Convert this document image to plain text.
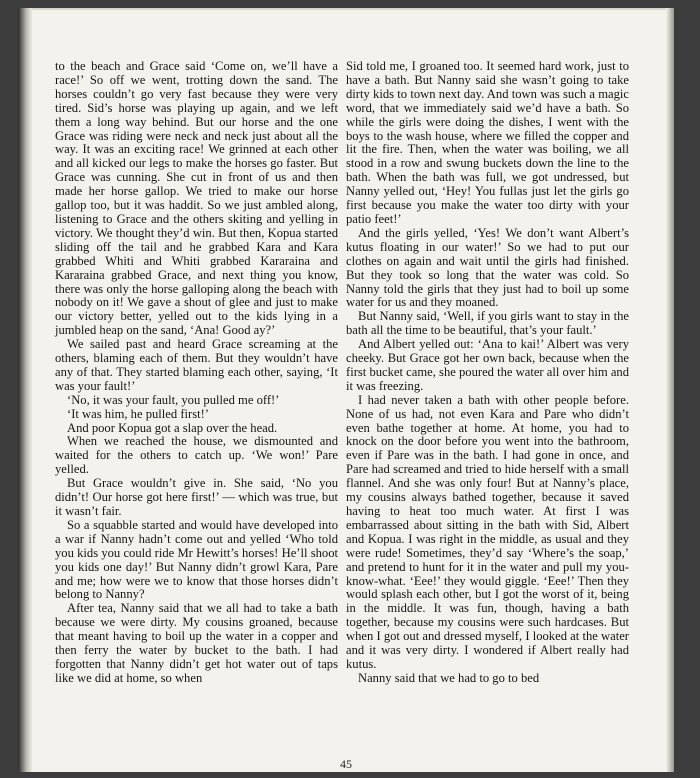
to the beach and Grace said ‘Come on, we’ll have a race!’ So off we went, trotting down the sand. The horses couldn’t go very fast because they were very tired. Sid’s horse was playing up again, and we left them a long way behind. But our horse and the one Grace was riding were neck and neck just about all the way. It was an exciting race! We grinned at each other and all kicked our legs to make the horses go faster. But Grace was cunning. She cut in front of us and then made her horse gallop. We tried to make our horse gallop too, but it was haddit. So we just ambled along, listening to Grace and the others skiting and yelling in victory. We thought they’d win. But then, Kopua started sliding off the tail and he grabbed Kara and Kara grabbed Whiti and Whiti grabbed Kararaina and Kararaina grabbed Grace, and next thing you know, there was only the horse galloping along the beach with nobody on it! We gave a shout of glee and just to make our victory better, yelled out to the kids lying in a jumbled heap on the sand, ‘Ana! Good ay?’

We sailed past and heard Grace screaming at the others, blaming each of them. But they wouldn’t have any of that. They started blaming each other, saying, ‘It was your fault!’

‘No, it was your fault, you pulled me off!’

‘It was him, he pulled first!’

And poor Kopua got a slap over the head.

When we reached the house, we dismounted and waited for the others to catch up. ‘We won!’ Pare yelled.

But Grace wouldn’t give in. She said, ‘No you didn’t! Our horse got here first!’ — which was true, but it wasn’t fair.

So a squabble started and would have developed into a war if Nanny hadn’t come out and yelled ‘Who told you kids you could ride Mr Hewitt’s horses! He’ll shoot you kids one day!’ But Nanny didn’t growl Kara, Pare and me; how were we to know that those horses didn’t belong to Nanny?

After tea, Nanny said that we all had to take a bath because we were dirty. My cousins groaned, because that meant having to boil up the water in a copper and then ferry the water by bucket to the bath. I had forgotten that Nanny didn’t get hot water out of taps like we did at home, so when

Sid told me, I groaned too. It seemed hard work, just to have a bath. But Nanny said she wasn’t going to take dirty kids to town next day. And town was such a magic word, that we immediately said we’d have a bath. So while the girls were doing the dishes, I went with the boys to the wash house, where we filled the copper and lit the fire. Then, when the water was boiling, we all stood in a row and swung buckets down the line to the bath. When the bath was full, we got undressed, but Nanny yelled out, ‘Hey! You fullas just let the girls go first because you make the water too dirty with your patio feet!’

And the girls yelled, ‘Yes! We don’t want Albert’s kutus floating in our water!’ So we had to put our clothes on again and wait until the girls had finished. But they took so long that the water was cold. So Nanny told the girls that they just had to boil up some water for us and they moaned.

But Nanny said, ‘Well, if you girls want to stay in the bath all the time to be beautiful, that’s your fault.’

And Albert yelled out: ‘Ana to kai!’ Albert was very cheeky. But Grace got her own back, because when the first bucket came, she poured the water all over him and it was freezing.

I had never taken a bath with other people before. None of us had, not even Kara and Pare who didn’t even bathe together at home. At home, you had to knock on the door before you went into the bathroom, even if Pare was in the bath. I had gone in once, and Pare had screamed and tried to hide herself with a small flannel. And she was only four! But at Nanny’s place, my cousins always bathed together, because it saved having to heat too much water. At first I was embarrassed about sitting in the bath with Sid, Albert and Kopua. I was right in the middle, as usual and they were rude! Sometimes, they’d say ‘Where’s the soap,’ and pretend to hunt for it in the water and pull my you-know-what. ‘Eee!’ they would giggle. ‘Eee!’ Then they would splash each other, but I got the worst of it, being in the middle. It was fun, though, having a bath together, because my cousins were such hardcases. But when I got out and dressed myself, I looked at the water and it was very dirty. I wondered if Albert really had kutus.

Nanny said that we had to go to bed

45
